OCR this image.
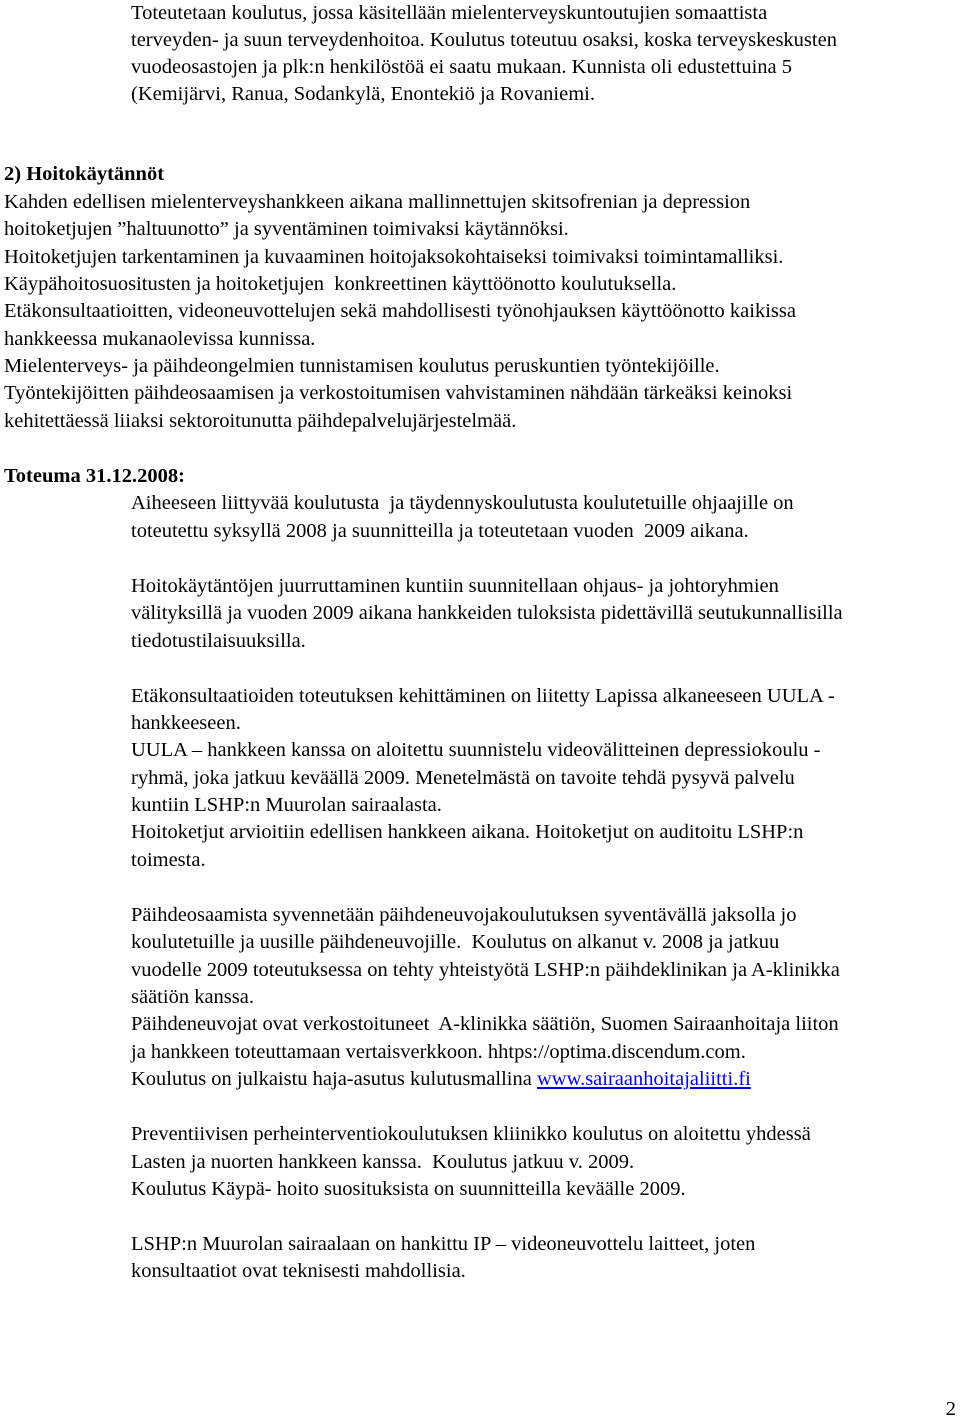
Toteutetaan koulutus, jossa käsitellään mielenterveyskuntoutujien somaattista

terveyden- ja suun terveydenhoitoa. Koulutus toteutuu osaksi, koska terveyskeskusten

vuodeosastojen ja plk:n henkilöstöä ei saatu mukaan. Kunnista oli edustettuina 5

(Kemijärvi, Ranua, Sodankylä, Enontekiö ja Rovaniemi.

2) Hoitokäytännöt

Kahden edellisen mielenterveyshankkeen aikana mallinnettujen skitsofrenian ja depression

hoitoketjujen ”haltuunotto” ja syventäminen toimivaksi käytännöksi.

Hoitoketjujen tarkentaminen ja kuvaaminen hoitojaksokohtaiseksi toimivaksi toimintamalliksi.

Käypähoitosuositusten ja hoitoketjujen  konkreettinen käyttöönotto koulutuksella.

Etäkonsultaatioitten, videoneuvottelujen sekä mahdollisesti työnohjauksen käyttöönotto kaikissa

hankkeessa mukanaolevissa kunnissa.

Mielenterveys- ja päihdeongelmien tunnistamisen koulutus peruskuntien työntekijöille.

Työntekijöitten päihdeosaamisen ja verkostoitumisen vahvistaminen nähdään tärkeäksi keinoksi

kehitettäessä liiaksi sektoroitunutta päihdepalvelujärjestelmää.

Toteuma 31.12.2008:

Aiheeseen liittyvää koulutusta  ja täydennyskoulutusta koulutetuille ohjaajille on

toteutettu syksyllä 2008 ja suunnitteilla ja toteutetaan vuoden  2009 aikana.

Hoitokäytäntöjen juurruttaminen kuntiin suunnitellaan ohjaus- ja johtoryhmien

välityksillä ja vuoden 2009 aikana hankkeiden tuloksista pidettävillä seutukunnallisilla

tiedotustilaisuuksilla.

Etäkonsultaatioiden toteutuksen kehittäminen on liitetty Lapissa alkaneeseen UULA -

hankkeeseen.

UULA – hankkeen kanssa on aloitettu suunnistelu videovälitteinen depressiokoulu -

ryhmä, joka jatkuu keväällä 2009. Menetelmästä on tavoite tehdä pysyvä palvelu

kuntiin LSHP:n Muurolan sairaalasta.

Hoitoketjut arvioitiin edellisen hankkeen aikana. Hoitoketjut on auditoitu LSHP:n

toimesta.

Päihdeosaamista syvennetään päihdeneuvojakoulutuksen syventävällä jaksolla jo

koulutetuille ja uusille päihdeneuvojille.  Koulutus on alkanut v. 2008 ja jatkuu

vuodelle 2009 toteutuksessa on tehty yhteistyötä LSHP:n päihdeklinikan ja A-klinikka

säätiön kanssa.

Päihdeneuvojat ovat verkostoituneet  A-klinikka säätiön, Suomen Sairaanhoitaja liiton

ja hankkeen toteuttamaan vertaisverkkoon. hhtps://optima.discendum.com.

Koulutus on julkaistu haja-asutus kulutusmallina www.sairaanhoitajaliitti.fi

Preventiivisen perheinterventiokoulutuksen kliinikko koulutus on aloitettu yhdessä

Lasten ja nuorten hankkeen kanssa.  Koulutus jatkuu v. 2009.

Koulutus Käypä- hoito suosituksista on suunnitteilla keväälle 2009.

LSHP:n Muurolan sairaalaan on hankittu IP – videoneuvottelu laitteet, joten

konsultaatiot ovat teknisesti mahdollisia.

2
